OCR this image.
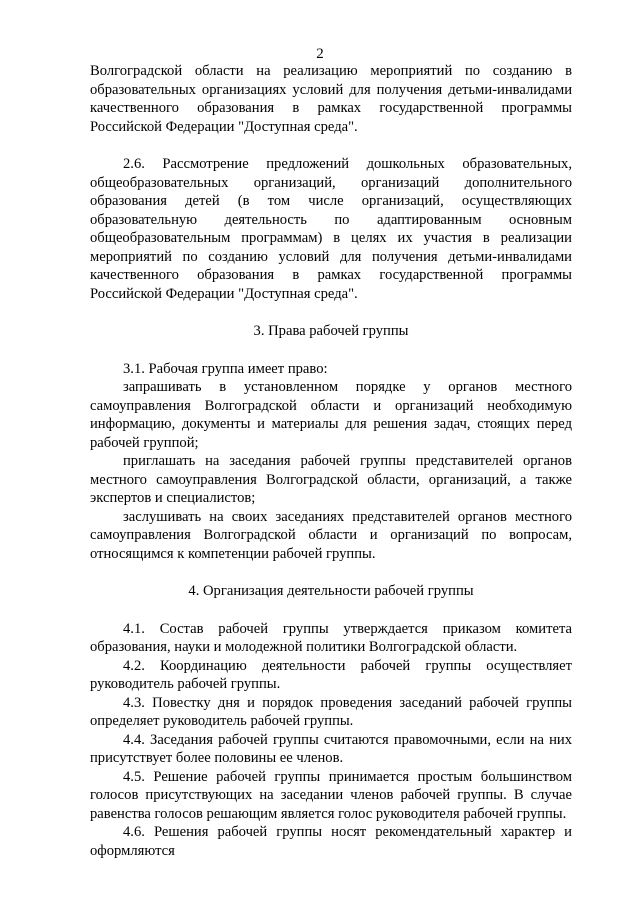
2

Волгоградской области на реализацию мероприятий по созданию в образовательных организациях условий для получения детьми-инвалидами качественного образования в рамках государственной программы Российской Федерации "Доступная среда".

2.6. Рассмотрение предложений дошкольных образовательных, общеобразовательных организаций, организаций дополнительного образования детей (в том числе организаций, осуществляющих образовательную деятельность по адаптированным основным общеобразовательным программам) в целях их участия в реализации мероприятий по созданию условий для получения детьми-инвалидами качественного образования в рамках государственной программы Российской Федерации "Доступная среда".

3. Права рабочей группы

3.1. Рабочая группа имеет право:

запрашивать в установленном порядке у органов местного самоуправления Волгоградской области и организаций необходимую информацию, документы и материалы для решения задач, стоящих перед рабочей группой;

приглашать на заседания рабочей группы представителей органов местного самоуправления Волгоградской области, организаций, а также экспертов и специалистов;

заслушивать на своих заседаниях представителей органов местного самоуправления Волгоградской области и организаций по вопросам, относящимся к компетенции рабочей группы.

4. Организация деятельности рабочей группы

4.1. Состав рабочей группы утверждается приказом комитета образования, науки и молодежной политики Волгоградской области.

4.2. Координацию деятельности рабочей группы осуществляет руководитель рабочей группы.

4.3. Повестку дня и порядок проведения заседаний рабочей группы определяет руководитель рабочей группы.

4.4. Заседания рабочей группы считаются правомочными, если на них присутствует более половины ее членов.

4.5. Решение рабочей группы принимается простым большинством голосов присутствующих на заседании членов рабочей группы. В случае равенства голосов решающим является голос руководителя рабочей группы.

4.6. Решения рабочей группы носят рекомендательный характер и оформляются
